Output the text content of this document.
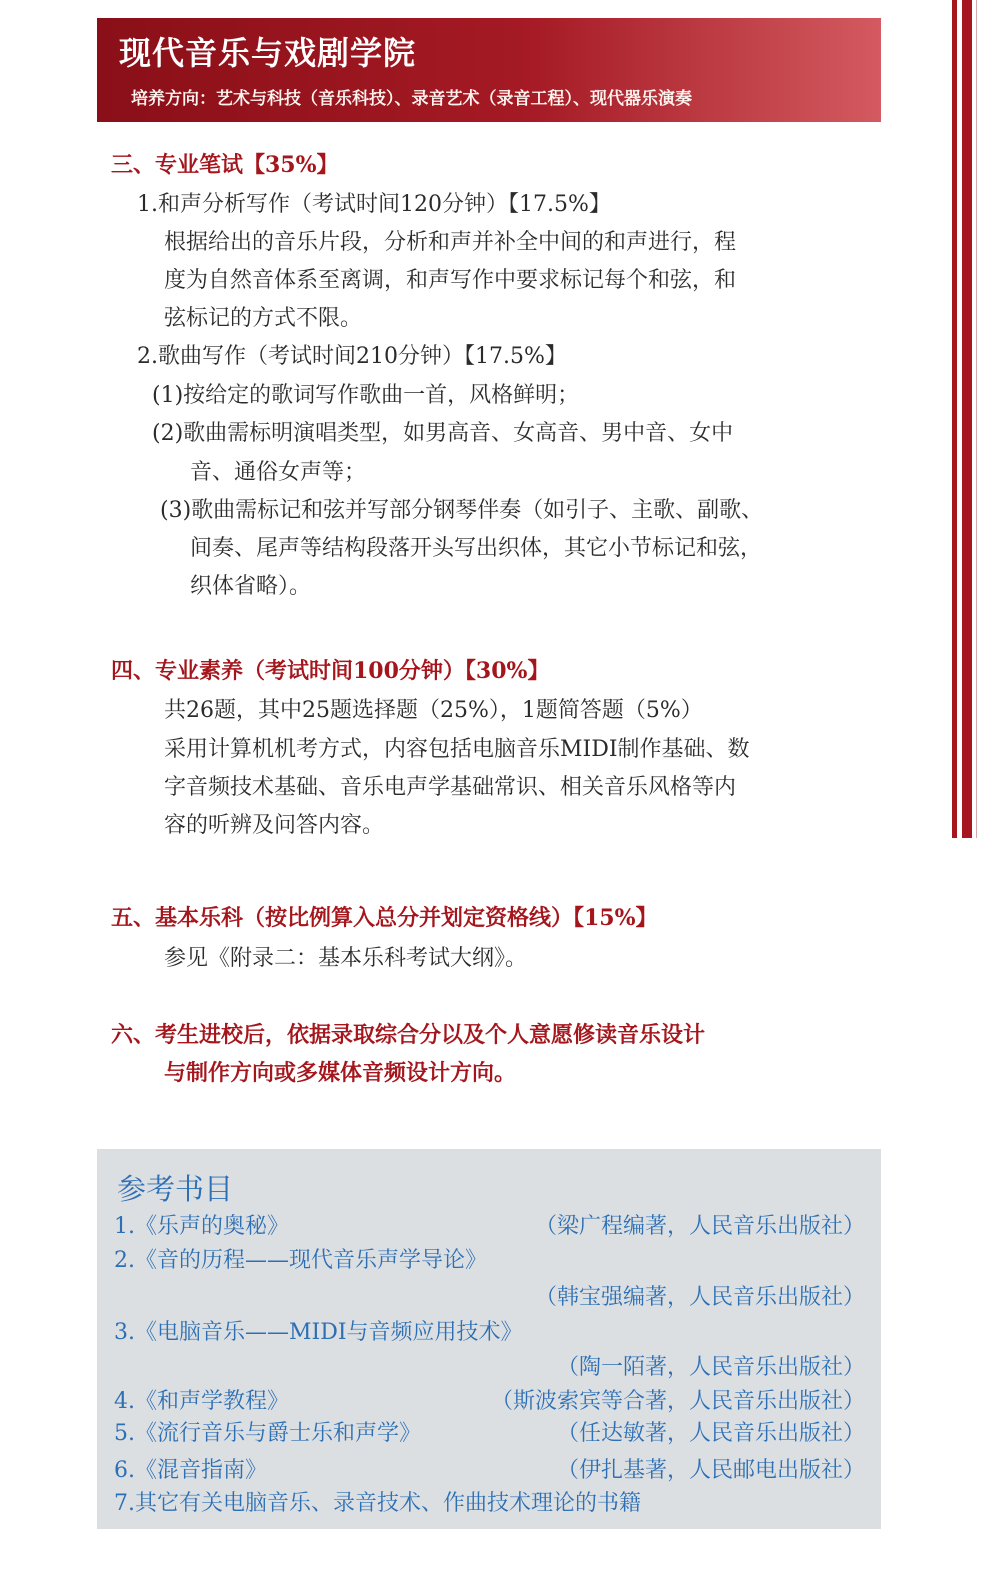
现代音乐与戏剧学院
培养方向：艺术与科技（音乐科技）、录音艺术（录音工程）、现代器乐演奏
三、专业笔试【35%】
1.和声分析写作（考试时间120分钟）【17.5%】
根据给出的音乐片段，分析和声并补全中间的和声进行，程
度为自然音体系至离调，和声写作中要求标记每个和弦，和
弦标记的方式不限。
2.歌曲写作（考试时间210分钟）【17.5%】
(1)按给定的歌词写作歌曲一首，风格鲜明；
(2)歌曲需标明演唱类型，如男高音、女高音、男中音、女中
音、通俗女声等；
(3)歌曲需标记和弦并写部分钢琴伴奏（如引子、主歌、副歌、
间奏、尾声等结构段落开头写出织体，其它小节标记和弦，
织体省略）。
四、专业素养（考试时间100分钟）【30%】
共26题，其中25题选择题（25%），1题简答题（5%）
采用计算机机考方式，内容包括电脑音乐MIDI制作基础、数
字音频技术基础、音乐电声学基础常识、相关音乐风格等内
容的听辨及问答内容。
五、基本乐科（按比例算入总分并划定资格线）【15%】
参见《附录二：基本乐科考试大纲》。
六、考生进校后，依据录取综合分以及个人意愿修读音乐设计
与制作方向或多媒体音频设计方向。
参考书目
1.《乐声的奥秘》	（梁广程编著，人民音乐出版社）
2.《音的历程——现代音乐声学导论》
（韩宝强编著，人民音乐出版社）
3.《电脑音乐——MIDI与音频应用技术》
（陶一陌著，人民音乐出版社）
4.《和声学教程》	（斯波索宾等合著，人民音乐出版社）
5.《流行音乐与爵士乐和声学》	（任达敏著，人民音乐出版社）
6.《混音指南》	（伊扎基著，人民邮电出版社）
7.其它有关电脑音乐、录音技术、作曲技术理论的书籍
